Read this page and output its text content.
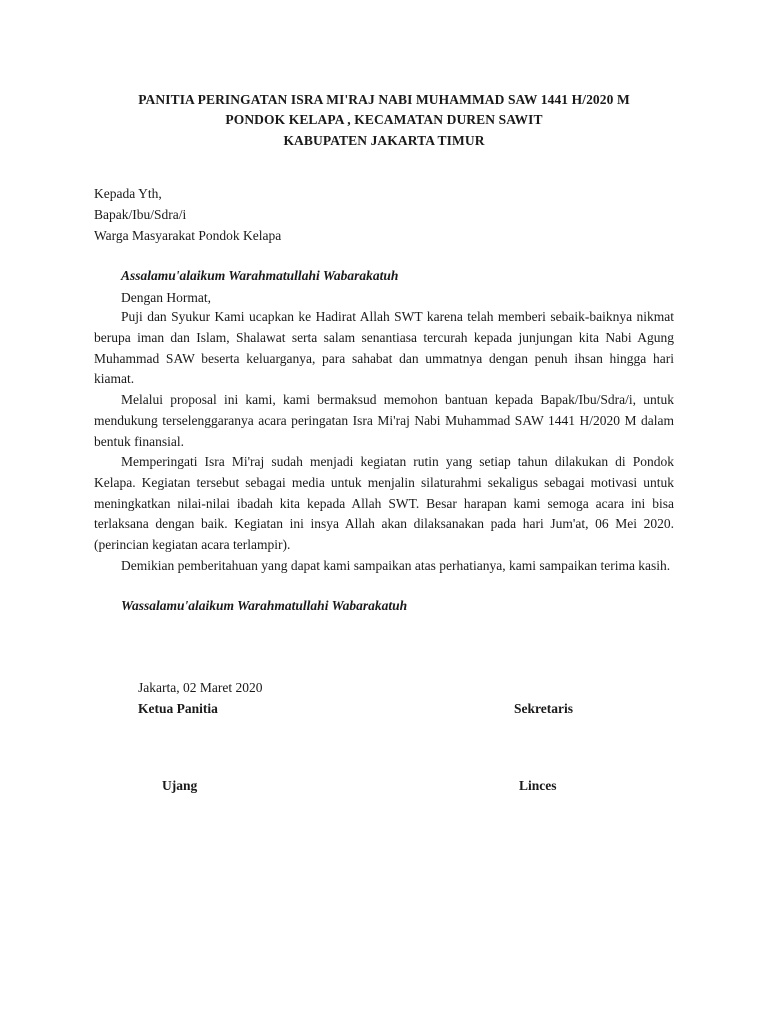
PANITIA PERINGATAN ISRA MI'RAJ NABI MUHAMMAD SAW 1441 H/2020 M
PONDOK KELAPA , KECAMATAN DUREN SAWIT
KABUPATEN JAKARTA TIMUR
Kepada Yth,
Bapak/Ibu/Sdra/i
Warga Masyarakat Pondok Kelapa
Assalamu'alaikum Warahmatullahi Wabarakatuh
Dengan Hormat,

Puji dan Syukur Kami ucapkan ke Hadirat Allah SWT karena telah memberi sebaik-baiknya nikmat berupa iman dan Islam, Shalawat serta salam senantiasa tercurah kepada junjungan kita Nabi Agung Muhammad SAW beserta keluarganya, para sahabat dan ummatnya dengan penuh ihsan hingga hari kiamat.

Melalui proposal ini kami, kami bermaksud memohon bantuan kepada Bapak/Ibu/Sdra/i, untuk mendukung terselenggaranya acara peringatan Isra Mi'raj Nabi Muhammad SAW 1441 H/2020 M dalam bentuk finansial.

Memperingati Isra Mi'raj sudah menjadi kegiatan rutin yang setiap tahun dilakukan di Pondok Kelapa. Kegiatan tersebut sebagai media untuk menjalin silaturahmi sekaligus sebagai motivasi untuk meningkatkan nilai-nilai ibadah kita kepada Allah SWT. Besar harapan kami semoga acara ini bisa terlaksana dengan baik. Kegiatan ini insya Allah akan dilaksanakan pada hari Jum'at, 06 Mei 2020. (perincian kegiatan acara terlampir).

Demikian pemberitahuan yang dapat kami sampaikan atas perhatianya, kami sampaikan terima kasih.

Wassalamu'alaikum Warahmatullahi Wabarakatuh
Jakarta, 02 Maret 2020
Ketua Panitia	Sekretaris
Ujang	Linces
